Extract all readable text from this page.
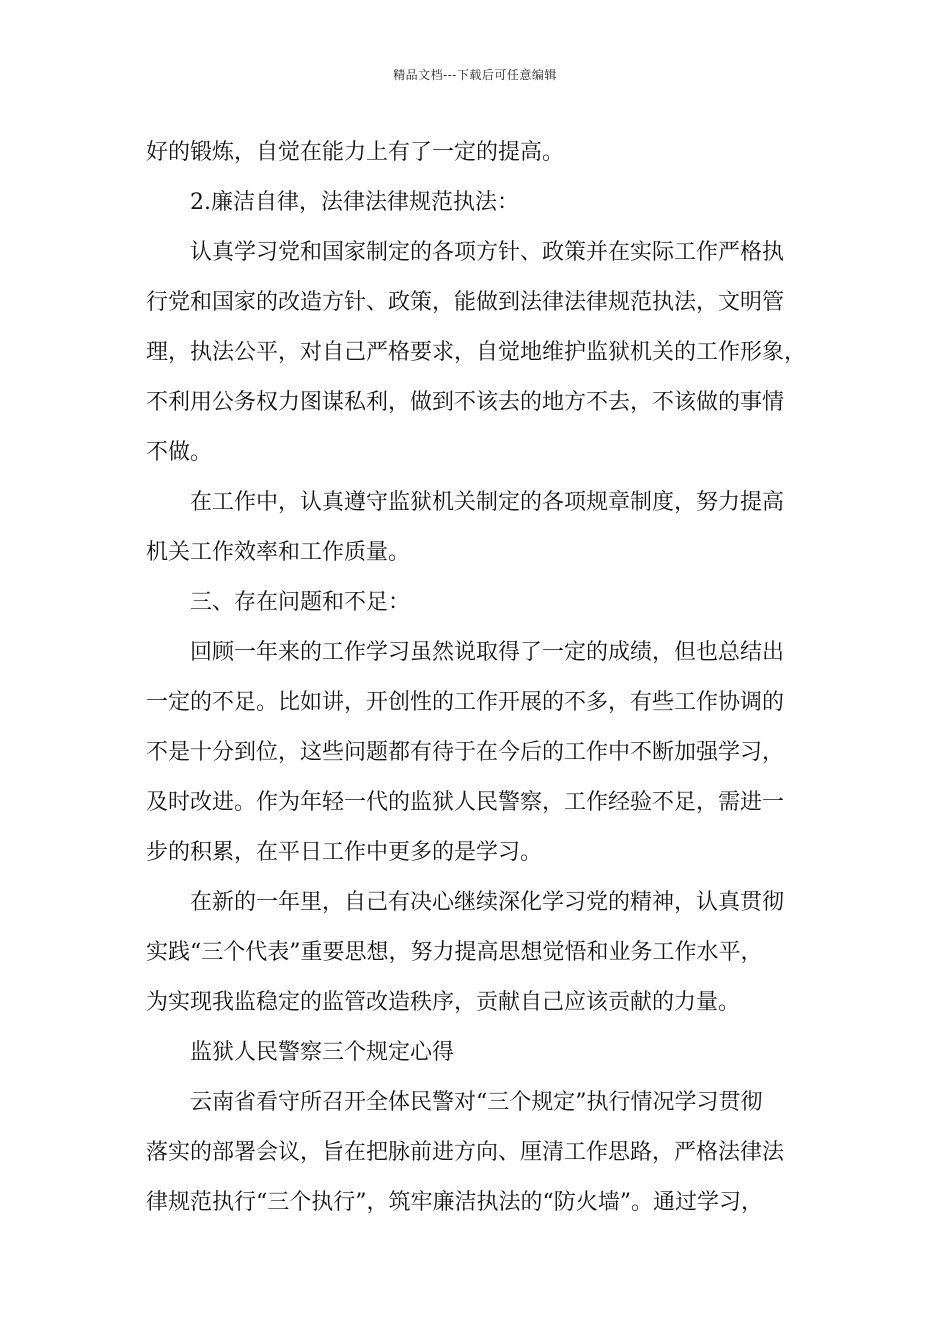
精品文档---下载后可任意编辑
好的锻炼，自觉在能力上有了一定的提高。
2.廉洁自律，法律法律规范执法：
认真学习党和国家制定的各项方针、政策并在实际工作严格执
行党和国家的改造方针、政策，能做到法律法律规范执法，文明管
理，执法公平，对自己严格要求，自觉地维护监狱机关的工作形象，
不利用公务权力图谋私利，做到不该去的地方不去，不该做的事情
不做。
在工作中，认真遵守监狱机关制定的各项规章制度，努力提高
机关工作效率和工作质量。
三、存在问题和不足：
回顾一年来的工作学习虽然说取得了一定的成绩，但也总结出
一定的不足。比如讲，开创性的工作开展的不多，有些工作协调的
不是十分到位，这些问题都有待于在今后的工作中不断加强学习，
及时改进。作为年轻一代的监狱人民警察，工作经验不足，需进一
步的积累，在平日工作中更多的是学习。
在新的一年里，自己有决心继续深化学习党的精神，认真贯彻
实践“三个代表”重要思想，努力提高思想觉悟和业务工作水平，
为实现我监稳定的监管改造秩序，贡献自己应该贡献的力量。
监狱人民警察三个规定心得
云南省看守所召开全体民警对“三个规定”执行情况学习贯彻
落实的部署会议，旨在把脉前进方向、厘清工作思路，严格法律法
律规范执行“三个执行”，筑牢廉洁执法的“防火墙”。通过学习，
